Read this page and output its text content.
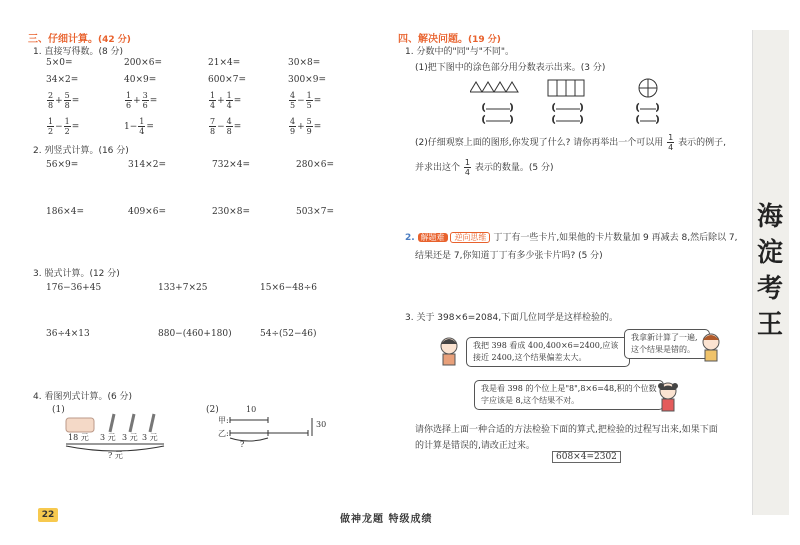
三、仔细计算。(42 分)
1. 直接写得数。(8 分)
5×0=	200×6=	21×4=	30×8=
34×2=	40×9=	600×7=	300×9=
$\frac{2}{8} + \frac{5}{8}$ =	$\frac{1}{6} + \frac{3}{6}$ =	$\frac{1}{4} + \frac{1}{4}$ =	$\frac{4}{5} - \frac{1}{5}$ =
$\frac{1}{2} - \frac{1}{2}$ =	$1- \frac{1}{4}$ =	$\frac{7}{8} - \frac{4}{8}$ =	$\frac{4}{9} + \frac{5}{9}$ =
2. 列竖式计算。(16 分)
56×9=	314×2=	732×4=	280×6=
186×4=	409×6=	230×8=	503×7=
3. 脱式计算。(12 分)
176−36+45	133+7×25	15×6−48÷6
36÷4×13	880−(460+180)	54÷(52−46)
4. 看图列式计算。(6 分)
(1)
18 元 3 元 3 元 3 元
? 元
(2)
甲:
乙:
10
30
?
四、解决问题。(19 分)
1. 分数中的"同"与"不同"。
(1)把下图中的涂色部分用分数表示出来。(3 分)
(	)
(	)
(	)
(	)
( )
( )
(2)仔细观察上面的图形,你发现了什么? 请你再举出一个可以用 $\frac{1}{4}$ 表示的例子,
并求出这个 $\frac{1}{4}$ 表示的数量。(5 分)
2. 解题难 逆向思维 丁丁有一些卡片,如果他的卡片数量加 9 再减去 8,然后除以 7,
结果还是 7,你知道丁丁有多少张卡片吗? (5 分)
3. 关于 398×6=2084,下面几位同学是这样检验的。
我把 398 看成 400,400×6=2400,应该接近 2400,这个结果偏差太大。
我拿新计算了一遍,这个结果是错的。
我是看 398 的个位上是"8",8×6=48,积的个位数字应该是 8,这个结果不对。
请你选择上面一种合适的方法检验下面的算式,把检验的过程写出来,如果下面
的计算是错误的,请改正过来。
608×4=2302
海
淀
考
王
22	做神龙题 特级成绩
